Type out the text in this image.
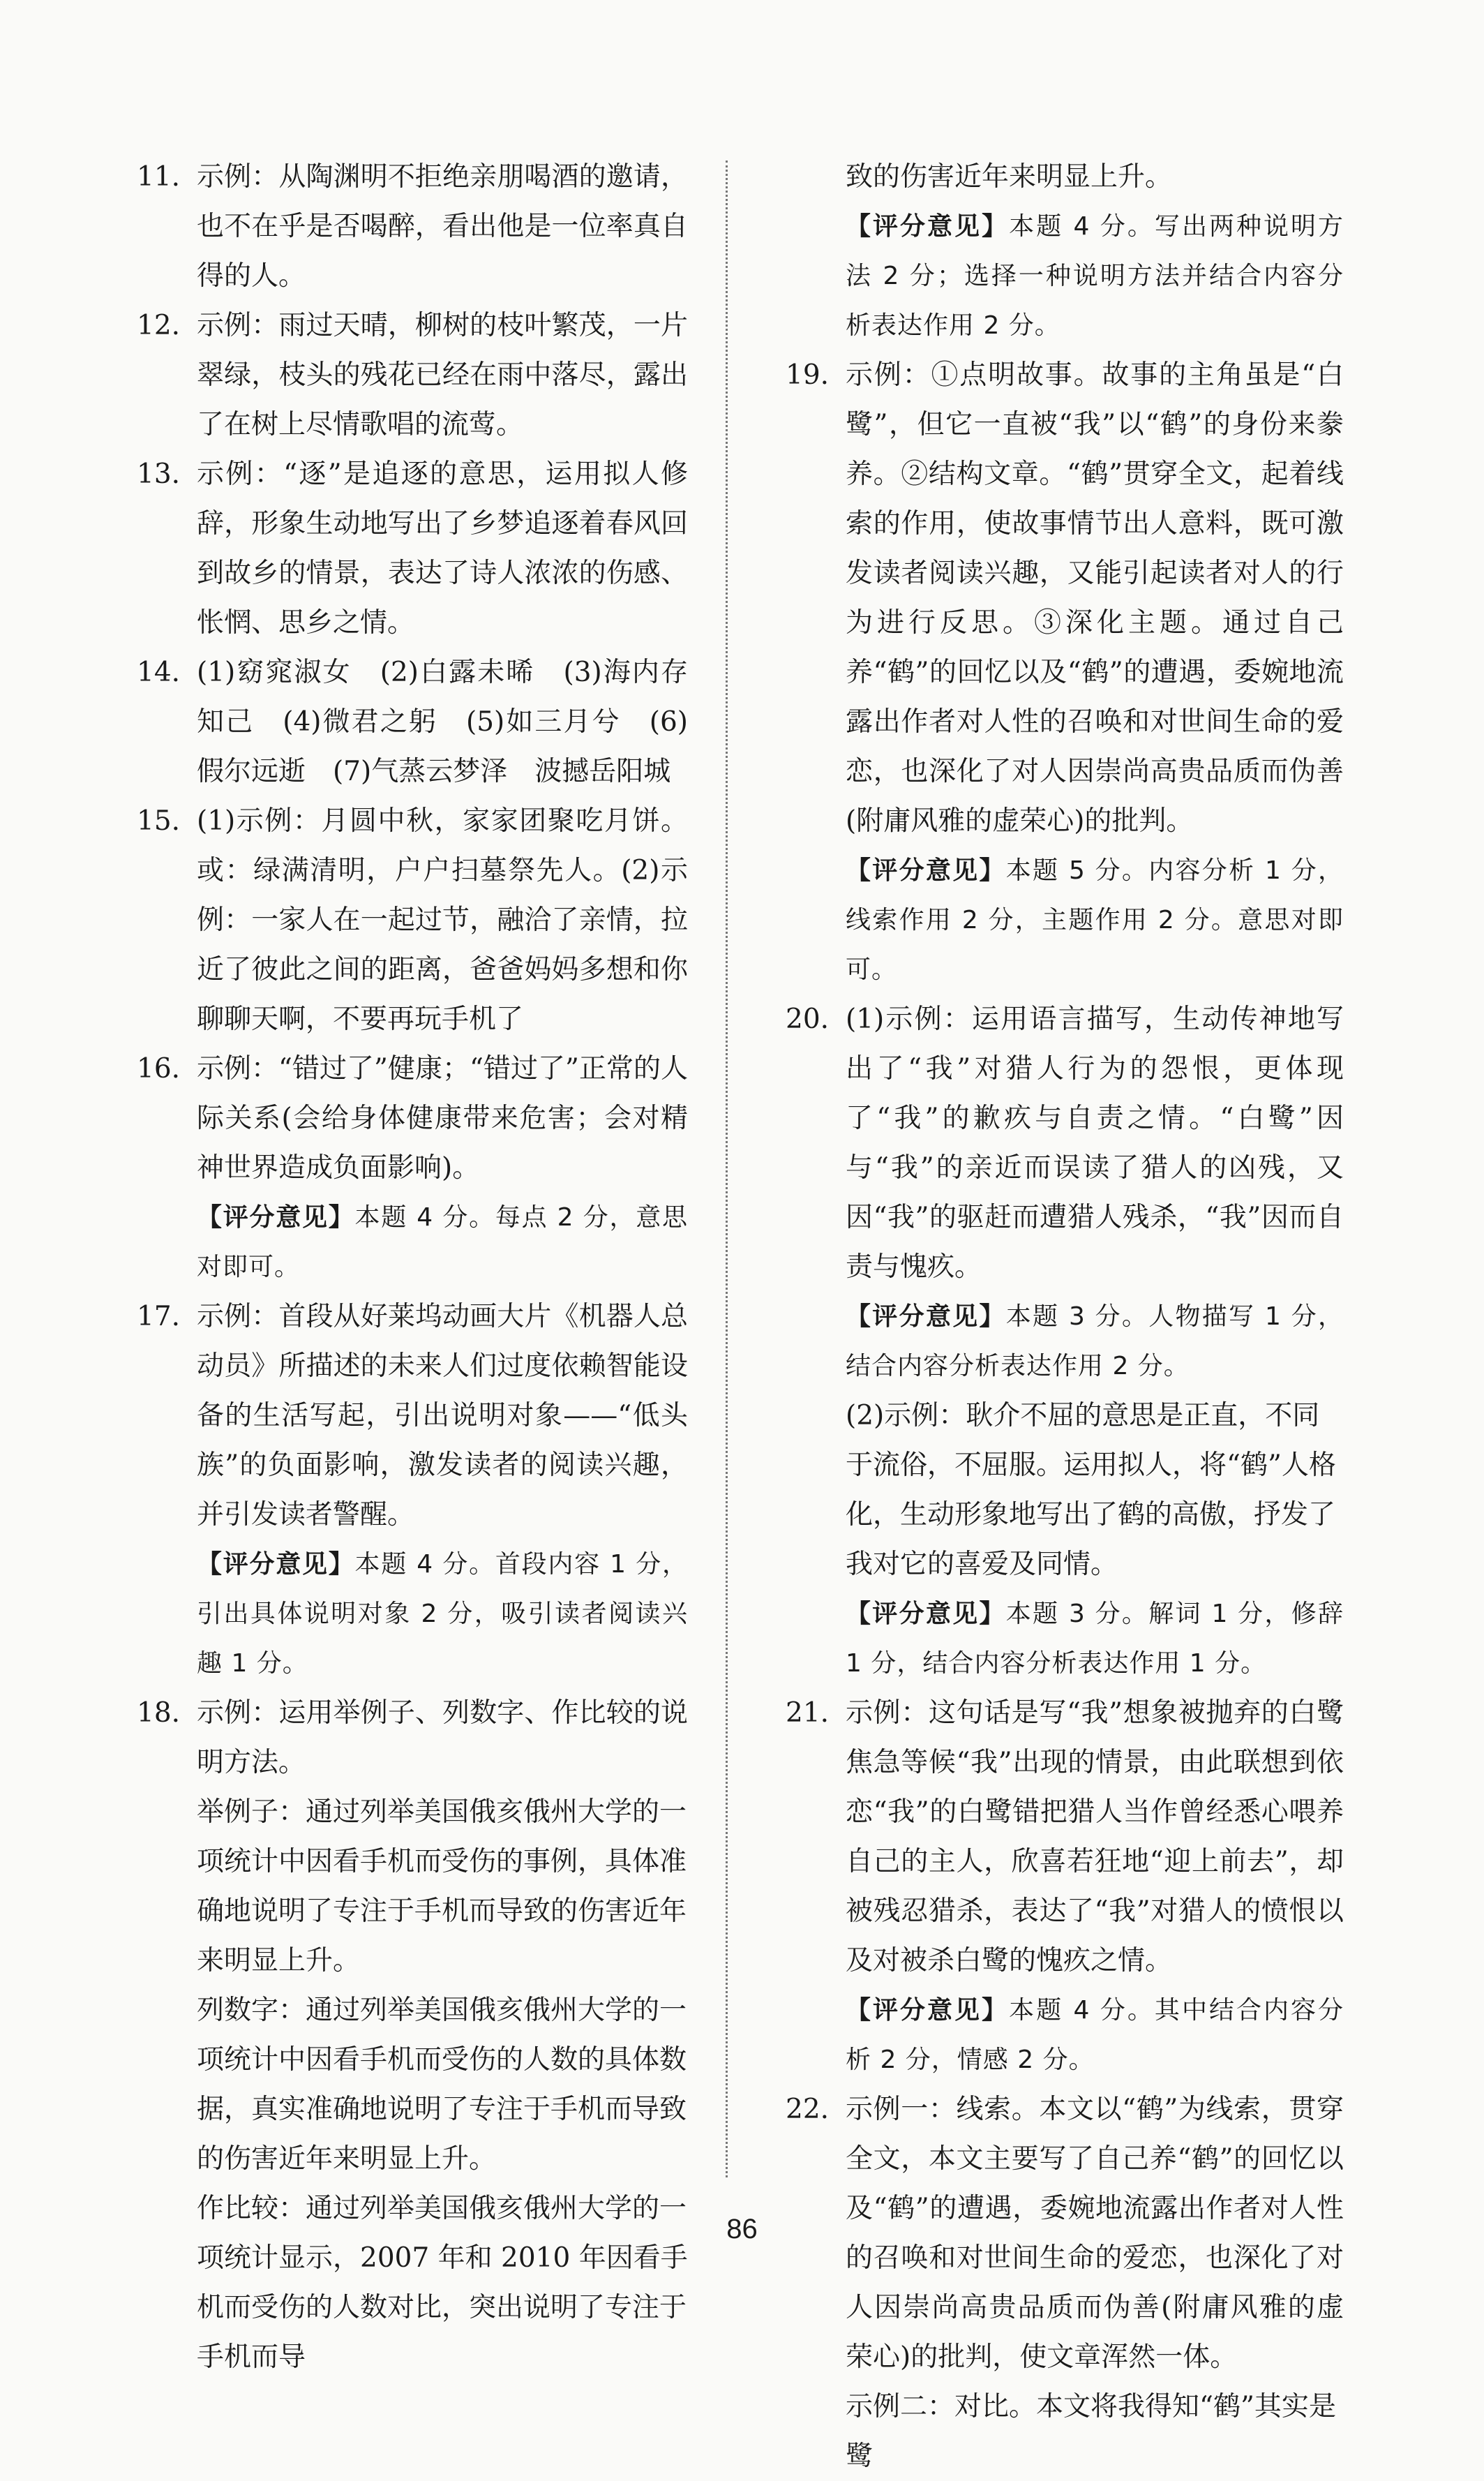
11. 示例：从陶渊明不拒绝亲朋喝酒的邀请，也不在乎是否喝醉，看出他是一位率真自得的人。

12. 示例：雨过天晴，柳树的枝叶繁茂，一片翠绿，枝头的残花已经在雨中落尽，露出了在树上尽情歌唱的流莺。

13. 示例：“逐”是追逐的意思，运用拟人修辞，形象生动地写出了乡梦追逐着春风回到故乡的情景，表达了诗人浓浓的伤感、怅惘、思乡之情。

14. (1)窈窕淑女　(2)白露未晞　(3)海内存知己　(4)微君之躬　(5)如三月兮　(6)假尔远逝　(7)气蒸云梦泽　波撼岳阳城

15. (1)示例：月圆中秋，家家团聚吃月饼。或：绿满清明，户户扫墓祭先人。(2)示例：一家人在一起过节，融洽了亲情，拉近了彼此之间的距离，爸爸妈妈多想和你聊聊天啊，不要再玩手机了

16. 示例：“错过了”健康；“错过了”正常的人际关系(会给身体健康带来危害；会对精神世界造成负面影响)。

【评分意见】本题 4 分。每点 2 分，意思对即可。

17. 示例：首段从好莱坞动画大片《机器人总动员》所描述的未来人们过度依赖智能设备的生活写起，引出说明对象——“低头族”的负面影响，激发读者的阅读兴趣，并引发读者警醒。

【评分意见】本题 4 分。首段内容 1 分，引出具体说明对象 2 分，吸引读者阅读兴趣 1 分。

18. 示例：运用举例子、列数字、作比较的说明方法。

举例子：通过列举美国俄亥俄州大学的一项统计中因看手机而受伤的事例，具体准确地说明了专注于手机而导致的伤害近年来明显上升。

列数字：通过列举美国俄亥俄州大学的一项统计中因看手机而受伤的人数的具体数据，真实准确地说明了专注于手机而导致的伤害近年来明显上升。

作比较：通过列举美国俄亥俄州大学的一项统计显示，2007 年和 2010 年因看手机而受伤的人数对比，突出说明了专注于手机而导

致的伤害近年来明显上升。

【评分意见】本题 4 分。写出两种说明方法 2 分；选择一种说明方法并结合内容分析表达作用 2 分。

19. 示例：①点明故事。故事的主角虽是“白鹭”，但它一直被“我”以“鹤”的身份来豢养。②结构文章。“鹤”贯穿全文，起着线索的作用，使故事情节出人意料，既可激发读者阅读兴趣，又能引起读者对人的行为进行反思。③深化主题。通过自己养“鹤”的回忆以及“鹤”的遭遇，委婉地流露出作者对人性的召唤和对世间生命的爱恋，也深化了对人因崇尚高贵品质而伪善(附庸风雅的虚荣心)的批判。

【评分意见】本题 5 分。内容分析 1 分，线索作用 2 分，主题作用 2 分。意思对即可。

20. (1)示例：运用语言描写，生动传神地写出了“我”对猎人行为的怨恨，更体现了“我”的歉疚与自责之情。“白鹭”因与“我”的亲近而误读了猎人的凶残，又因“我”的驱赶而遭猎人残杀，“我”因而自责与愧疚。

【评分意见】本题 3 分。人物描写 1 分，结合内容分析表达作用 2 分。

(2)示例：耿介不屈的意思是正直，不同于流俗，不屈服。运用拟人，将“鹤”人格化，生动形象地写出了鹤的高傲，抒发了我对它的喜爱及同情。

【评分意见】本题 3 分。解词 1 分，修辞 1 分，结合内容分析表达作用 1 分。

21. 示例：这句话是写“我”想象被抛弃的白鹭焦急等候“我”出现的情景，由此联想到依恋“我”的白鹭错把猎人当作曾经悉心喂养自己的主人，欣喜若狂地“迎上前去”，却被残忍猎杀，表达了“我”对猎人的愤恨以及对被杀白鹭的愧疚之情。

【评分意见】本题 4 分。其中结合内容分析 2 分，情感 2 分。

22. 示例一：线索。本文以“鹤”为线索，贯穿全文，本文主要写了自己养“鹤”的回忆以及“鹤”的遭遇，委婉地流露出作者对人性的召唤和对世间生命的爱恋，也深化了对人因崇尚高贵品质而伪善(附庸风雅的虚荣心)的批判，使文章浑然一体。

示例二：对比。本文将我得知“鹤”其实是鹭

86
